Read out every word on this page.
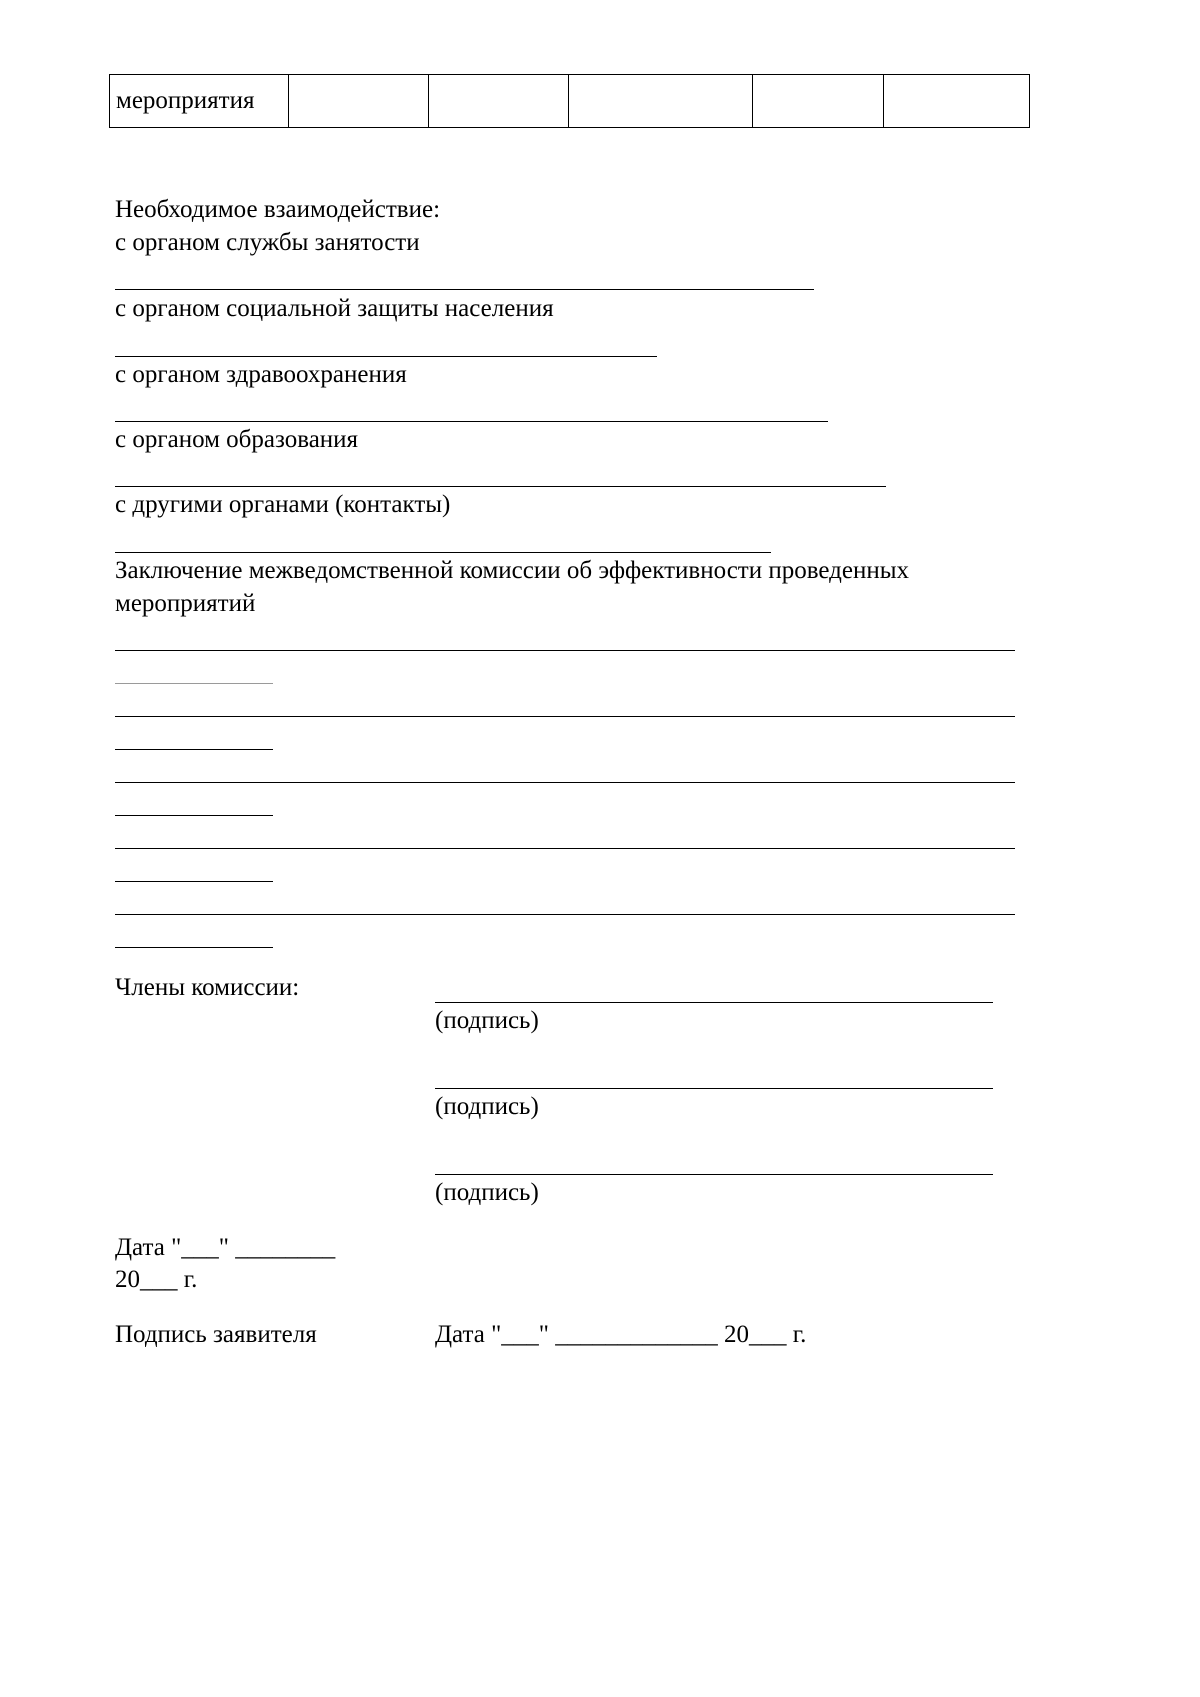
мероприятия					
Необходимое взаимодействие:
с органом службы занятости
с органом социальной защиты населения
с органом здравоохранения
с органом образования
с другими органами (контакты)
Заключение межведомственной комиссии об эффективности проведенных
мероприятий
Члены комиссии:
(подпись)
(подпись)
(подпись)
Дата "___" ________
20___ г.
Подпись заявителя	Дата "___" _____________ 20___ г.
